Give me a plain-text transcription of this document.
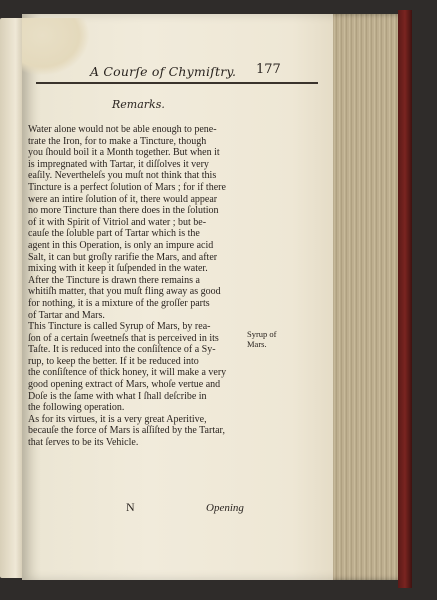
A Courſe of Chymiſtry. 177
Remarks.
Water alone would not be able enough to pene-
trate the Iron, for to make a Tincture, though
you ſhould boil it a Month together. But when it
is impregnated with Tartar, it diſſolves it very
eaſily. Nevertheleſs you muſt not think that this
Tincture is a perfect ſolution of Mars ; for if there
were an intire ſolution of it, there would appear
no more Tincture than there does in the ſolution
of it with Spirit of Vitriol and water ; but be-
cauſe the ſoluble part of Tartar which is the
agent in this Operation, is only an impure acid
Salt, it can but groſly rarifie the Mars, and after
mixing with it keep it ſuſpended in the water.
After the Tincture is drawn there remains a
whitiſh matter, that you muſt fling away as good
for nothing, it is a mixture of the groſſer parts
of Tartar and Mars.
This Tincture is called Syrup of Mars, by rea-
ſon of a certain ſweetneſs that is perceived in its
Taſte. It is reduced into the conſiſtence of a Sy-
rup, to keep the better. If it be reduced into
the conſiſtence of thick honey, it will make a very
good opening extract of Mars, whoſe vertue and
Doſe is the ſame with what I ſhall deſcribe in
the following operation.
As for its virtues, it is a very great Aperitive,
becauſe the force of Mars is aſſiſted by the Tartar,
that ſerves to be its Vehicle.
Syrup of
Mars.
N	Opening
